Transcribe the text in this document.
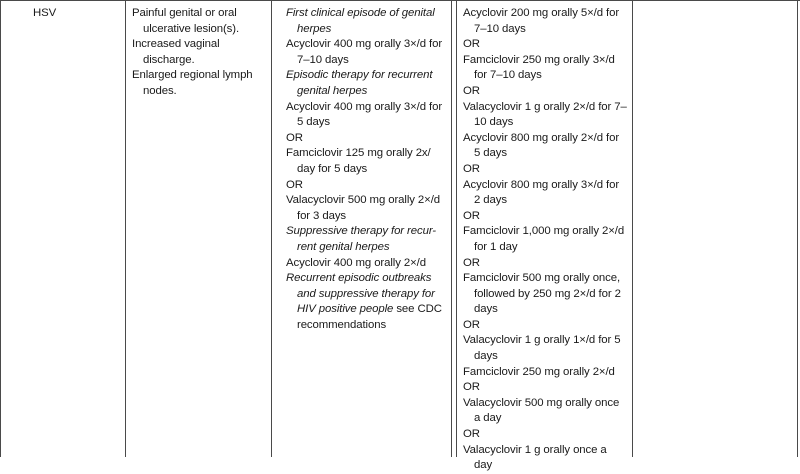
HSV	Painful genital or oral ulcerative lesion(s).
Increased vaginal discharge.
Enlarged regional lymph nodes.
First clinical episode of genital herpes
Acyclovir 400 mg orally 3×/d for 7–10 days
Episodic therapy for recurrent genital herpes
Acyclovir 400 mg orally 3×/d for 5 days
OR
Famciclovir 125 mg orally 2x/ day for 5 days
OR
Valacyclovir 500 mg orally 2×/d for 3 days
Suppressive therapy for recur- rent genital herpes
Acyclovir 400 mg orally 2×/d
Recurrent episodic outbreaks and suppressive therapy for HIV positive people see CDC recommendations
Acyclovir 200 mg orally 5×/d for 7–10 days
OR
Famciclovir 250 mg orally 3×/d for 7–10 days
OR
Valacyclovir 1 g orally 2×/d for 7–10 days
Acyclovir 800 mg orally 2×/d for 5 days
OR
Acyclovir 800 mg orally 3×/d for 2 days
OR
Famciclovir 1,000 mg orally 2×/d for 1 day
OR
Famciclovir 500 mg orally once, followed by 250 mg 2×/d for 2 days
OR
Valacyclovir 1 g orally 1×/d for 5 days
Famciclovir 250 mg orally 2×/d
OR
Valacyclovir 500 mg orally once a day
OR
Valacyclovir 1 g orally once a day
